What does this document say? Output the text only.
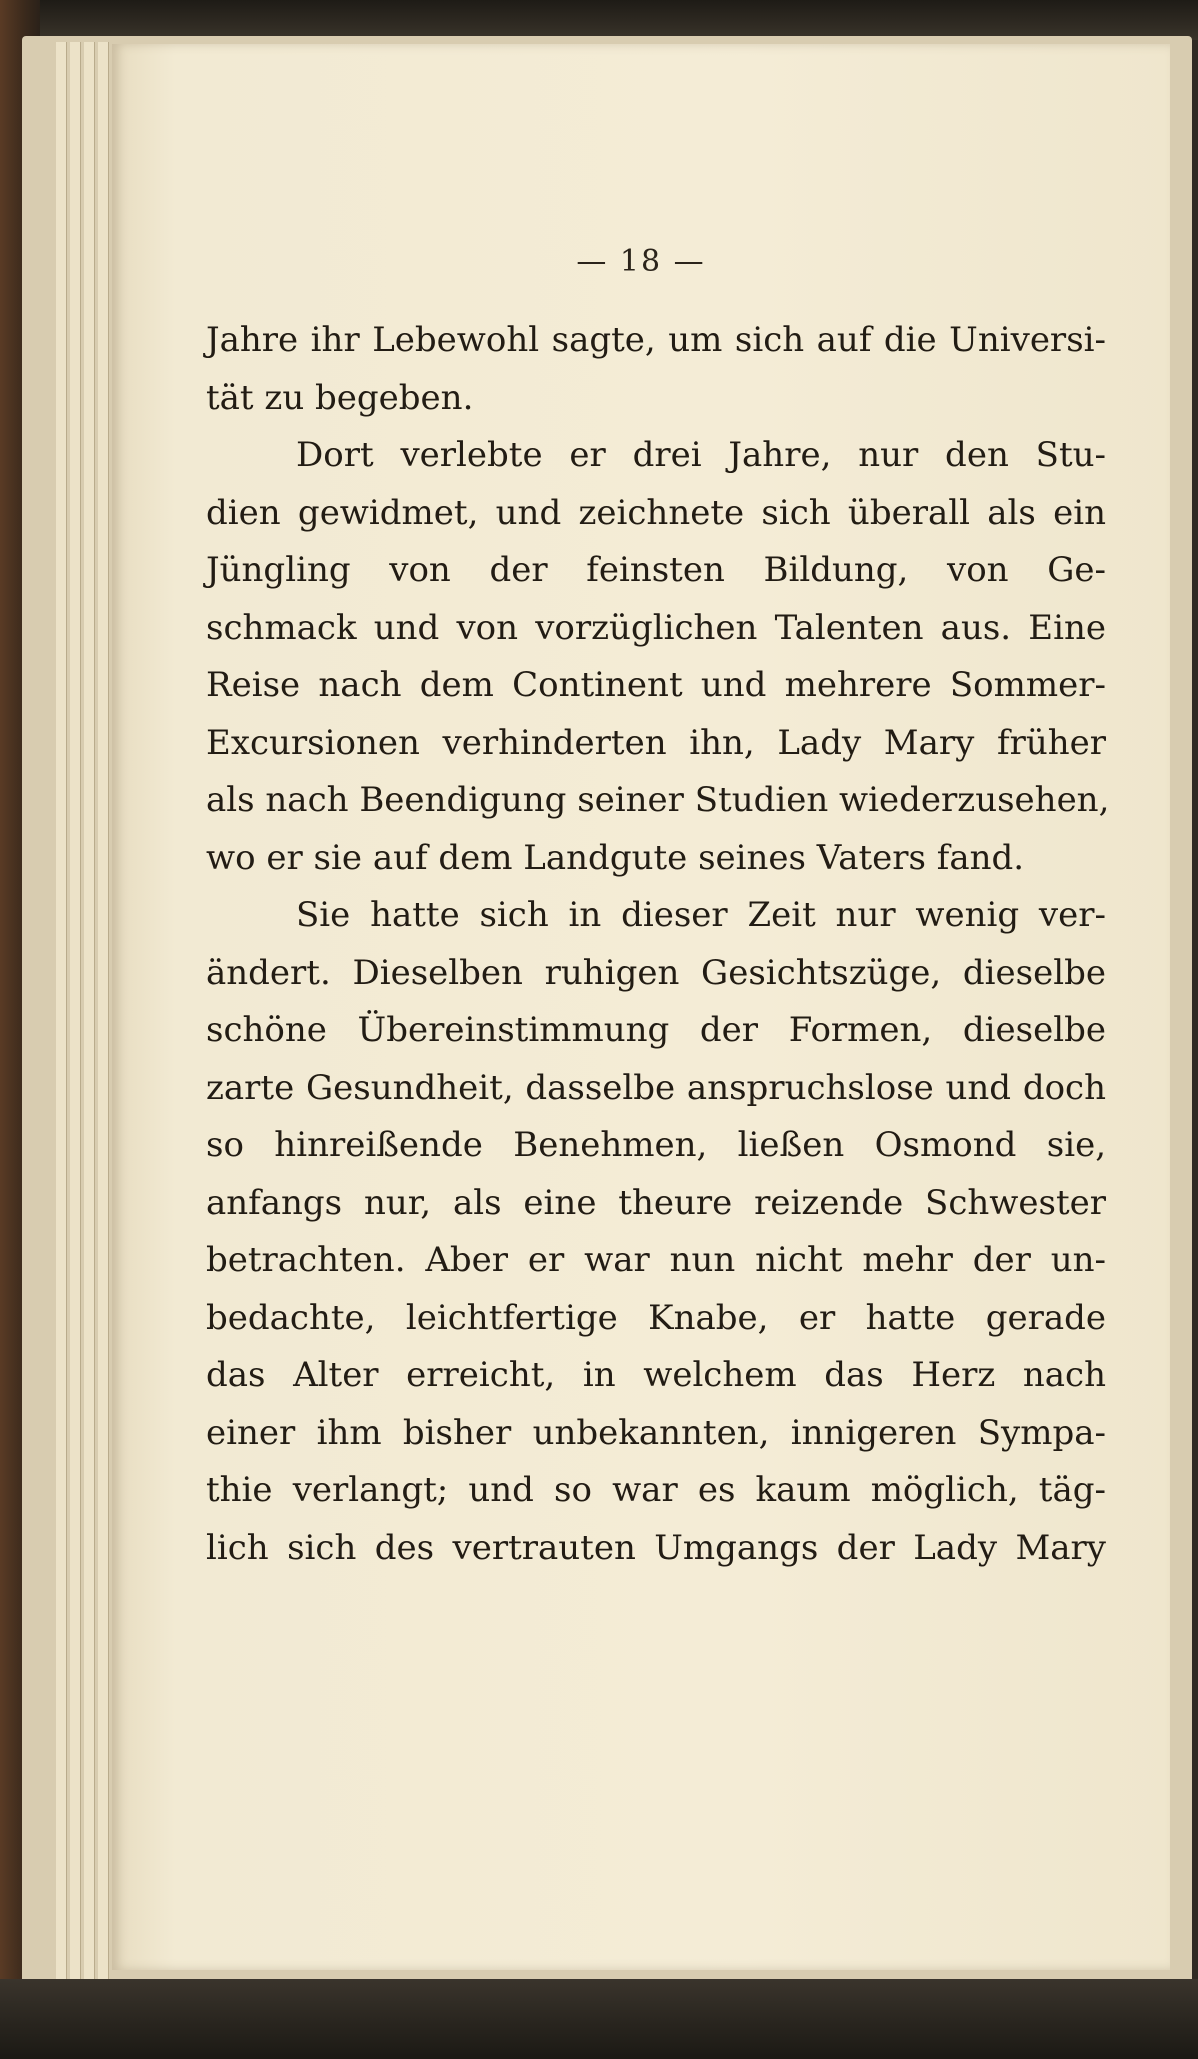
— 18 —
Jahre ihr Lebewohl sagte, um sich auf die Universi-
tät zu begeben.
Dort verlebte er drei Jahre, nur den Stu-
dien gewidmet, und zeichnete sich überall als ein
Jüngling von der feinsten Bildung, von Ge-
schmack und von vorzüglichen Talenten aus. Eine
Reise nach dem Continent und mehrere Sommer-
Excursionen verhinderten ihn, Lady Mary früher
als nach Beendigung seiner Studien wiederzusehen,
wo er sie auf dem Landgute seines Vaters fand.
Sie hatte sich in dieser Zeit nur wenig ver-
ändert. Dieselben ruhigen Gesichtszüge, dieselbe
schöne Übereinstimmung der Formen, dieselbe
zarte Gesundheit, dasselbe anspruchslose und doch
so hinreißende Benehmen, ließen Osmond sie,
anfangs nur, als eine theure reizende Schwester
betrachten. Aber er war nun nicht mehr der un-
bedachte, leichtfertige Knabe, er hatte gerade
das Alter erreicht, in welchem das Herz nach
einer ihm bisher unbekannten, innigeren Sympa-
thie verlangt; und so war es kaum möglich, täg-
lich sich des vertrauten Umgangs der Lady Mary
